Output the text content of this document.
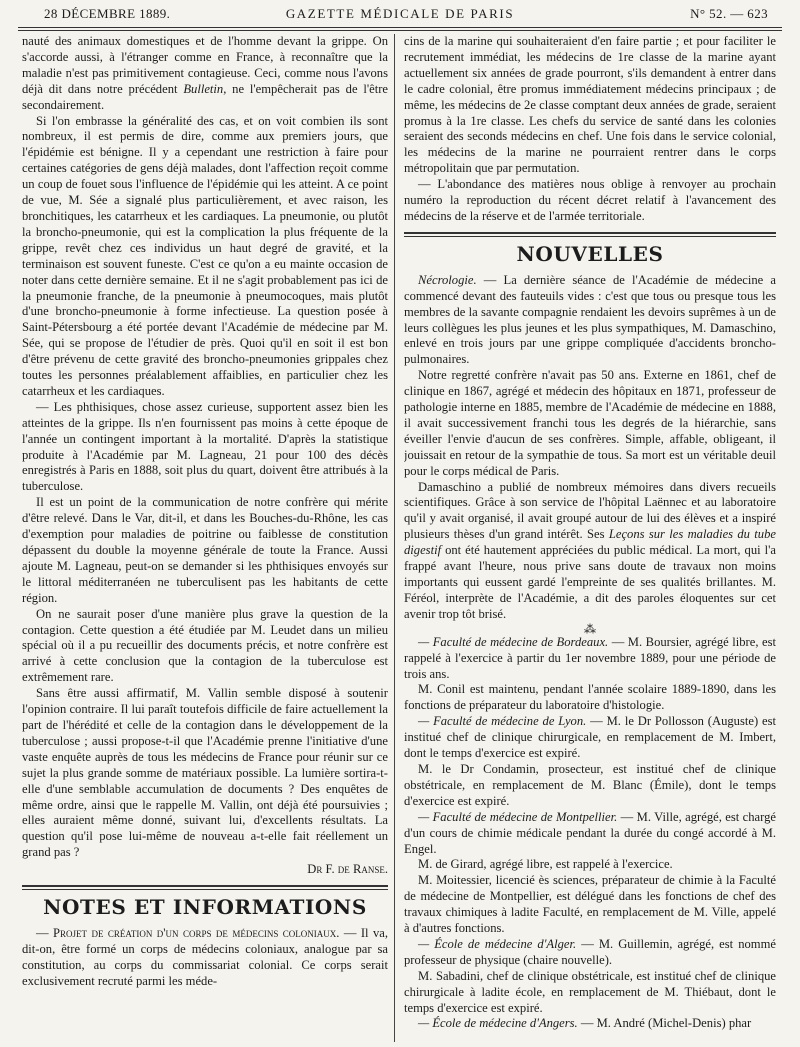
28 DÉCEMBRE 1889.	GAZETTE MÉDICALE DE PARIS	N° 52. — 623

nauté des animaux domestiques et de l'homme devant la grippe. On s'accorde aussi, à l'étranger comme en France, à reconnaître que la maladie n'est pas primitivement contagieuse. Ceci, comme nous l'avons déjà dit dans notre précédent Bulletin, ne l'empêcherait pas de l'être secondairement.

Si l'on embrasse la généralité des cas, et on voit combien ils sont nombreux, il est permis de dire, comme aux premiers jours, que l'épidémie est bénigne. Il y a cependant une restriction à faire pour certaines catégories de gens déjà malades, dont l'affection reçoit comme un coup de fouet sous l'influence de l'épidémie qui les atteint. A ce point de vue, M. Sée a signalé plus particulièrement, et avec raison, les bronchitiques, les catarrheux et les cardiaques. La pneumonie, ou plutôt la broncho-pneumonie, qui est la complication la plus fréquente de la grippe, revêt chez ces individus un haut degré de gravité, et la terminaison est souvent funeste. C'est ce qu'on a eu mainte occasion de noter dans cette dernière semaine. Et il ne s'agit probablement pas ici de la pneumonie franche, de la pneumonie à pneumocoques, mais plutôt d'une broncho-pneumonie à forme infectieuse. La question posée à Saint-Pétersbourg a été portée devant l'Académie de médecine par M. Sée, qui se propose de l'étudier de près. Quoi qu'il en soit il est bon d'être prévenu de cette gravité des broncho-pneumonies grippales chez toutes les personnes préalablement affaiblies, en particulier chez les catarrheux et les cardiaques.

— Les phthisiques, chose assez curieuse, supportent assez bien les atteintes de la grippe. Ils n'en fournissent pas moins à cette époque de l'année un contingent important à la mortalité. D'après la statistique produite à l'Académie par M. Lagneau, 21 pour 100 des décès enregistrés à Paris en 1888, soit plus du quart, doivent être attribués à la tuberculose.

Il est un point de la communication de notre confrère qui mérite d'être relevé. Dans le Var, dit-il, et dans les Bouches-du-Rhône, les cas d'exemption pour maladies de poitrine ou faiblesse de constitution dépassent du double la moyenne générale de toute la France. Aussi ajoute M. Lagneau, peut-on se demander si les phthisiques envoyés sur le littoral méditerranéen ne tuberculisent pas les habitants de cette région.

On ne saurait poser d'une manière plus grave la question de la contagion. Cette question a été étudiée par M. Leudet dans un milieu spécial où il a pu recueillir des documents précis, et notre confrère est arrivé à cette conclusion que la contagion de la tuberculose est extrêmement rare.

Sans être aussi affirmatif, M. Vallin semble disposé à soutenir l'opinion contraire. Il lui paraît toutefois difficile de faire actuellement la part de l'hérédité et celle de la contagion dans le développement de la tuberculose ; aussi propose-t-il que l'Académie prenne l'initiative d'une vaste enquête auprès de tous les médecins de France pour réunir sur ce sujet la plus grande somme de matériaux possible. La lumière sortira-t-elle d'une semblable accumulation de documents ? Des enquêtes de même ordre, ainsi que le rappelle M. Vallin, ont déjà été poursuivies ; elles auraient même donné, suivant lui, d'excellents résultats. La question qu'il pose lui-même de nouveau a-t-elle fait réellement un grand pas ?

Dr F. de Ranse.

NOTES ET INFORMATIONS

— Projet de création d'un corps de médecins coloniaux. — Il va, dit-on, être formé un corps de médecins coloniaux, analogue par sa constitution, au corps du commissariat colonial. Ce corps serait exclusivement recruté parmi les méde-

cins de la marine qui souhaiteraient d'en faire partie ; et pour faciliter le recrutement immédiat, les médecins de 1re classe de la marine ayant actuellement six années de grade pourront, s'ils demandent à entrer dans le cadre colonial, être promus immédiatement médecins principaux ; de même, les médecins de 2e classe comptant deux années de grade, seraient promus à la 1re classe. Les chefs du service de santé dans les colonies seraient des seconds médecins en chef. Une fois dans le service colonial, les médecins de la marine ne pourraient rentrer dans le corps métropolitain que par permutation.

— L'abondance des matières nous oblige à renvoyer au prochain numéro la reproduction du récent décret relatif à l'avancement des médecins de la réserve et de l'armée territoriale.

NOUVELLES

Nécrologie. — La dernière séance de l'Académie de médecine a commencé devant des fauteuils vides : c'est que tous ou presque tous les membres de la savante compagnie rendaient les devoirs suprêmes à un de leurs collègues les plus jeunes et les plus sympathiques, M. Damaschino, enlevé en trois jours par une grippe compliquée d'accidents broncho-pulmonaires.

Notre regretté confrère n'avait pas 50 ans. Externe en 1861, chef de clinique en 1867, agrégé et médecin des hôpitaux en 1871, professeur de pathologie interne en 1885, membre de l'Académie de médecine en 1888, il avait successivement franchi tous les degrés de la hiérarchie, sans éveiller l'envie d'aucun de ses confrères. Simple, affable, obligeant, il jouissait en retour de la sympathie de tous. Sa mort est un véritable deuil pour le corps médical de Paris.

Damaschino a publié de nombreux mémoires dans divers recueils scientifiques. Grâce à son service de l'hôpital Laënnec et au laboratoire qu'il y avait organisé, il avait groupé autour de lui des élèves et a inspiré plusieurs thèses d'un grand intérêt. Ses Leçons sur les maladies du tube digestif ont été hautement appréciées du public médical. La mort, qui l'a frappé avant l'heure, nous prive sans doute de travaux non moins importants qui eussent gardé l'empreinte de ses qualités brillantes. M. Féréol, interprète de l'Académie, a dit des paroles éloquentes sur cet avenir trop tôt brisé.

⁂

— Faculté de médecine de Bordeaux. — M. Boursier, agrégé libre, est rappelé à l'exercice à partir du 1er novembre 1889, pour une période de trois ans.

M. Conil est maintenu, pendant l'année scolaire 1889-1890, dans les fonctions de préparateur du laboratoire d'histologie.

— Faculté de médecine de Lyon. — M. le Dr Pollosson (Auguste) est institué chef de clinique chirurgicale, en remplacement de M. Imbert, dont le temps d'exercice est expiré.

M. le Dr Condamin, prosecteur, est institué chef de clinique obstétricale, en remplacement de M. Blanc (Émile), dont le temps d'exercice est expiré.

— Faculté de médecine de Montpellier. — M. Ville, agrégé, est chargé d'un cours de chimie médicale pendant la durée du congé accordé à M. Engel.

M. de Girard, agrégé libre, est rappelé à l'exercice.

M. Moitessier, licencié ès sciences, préparateur de chimie à la Faculté de médecine de Montpellier, est délégué dans les fonctions de chef des travaux chimiques à ladite Faculté, en remplacement de M. Ville, appelé à d'autres fonctions.

— École de médecine d'Alger. — M. Guillemin, agrégé, est nommé professeur de physique (chaire nouvelle).

M. Sabadini, chef de clinique obstétricale, est institué chef de clinique chirurgicale à ladite école, en remplacement de M. Thiébaut, dont le temps d'exercice est expiré.

— École de médecine d'Angers. — M. André (Michel-Denis) phar
